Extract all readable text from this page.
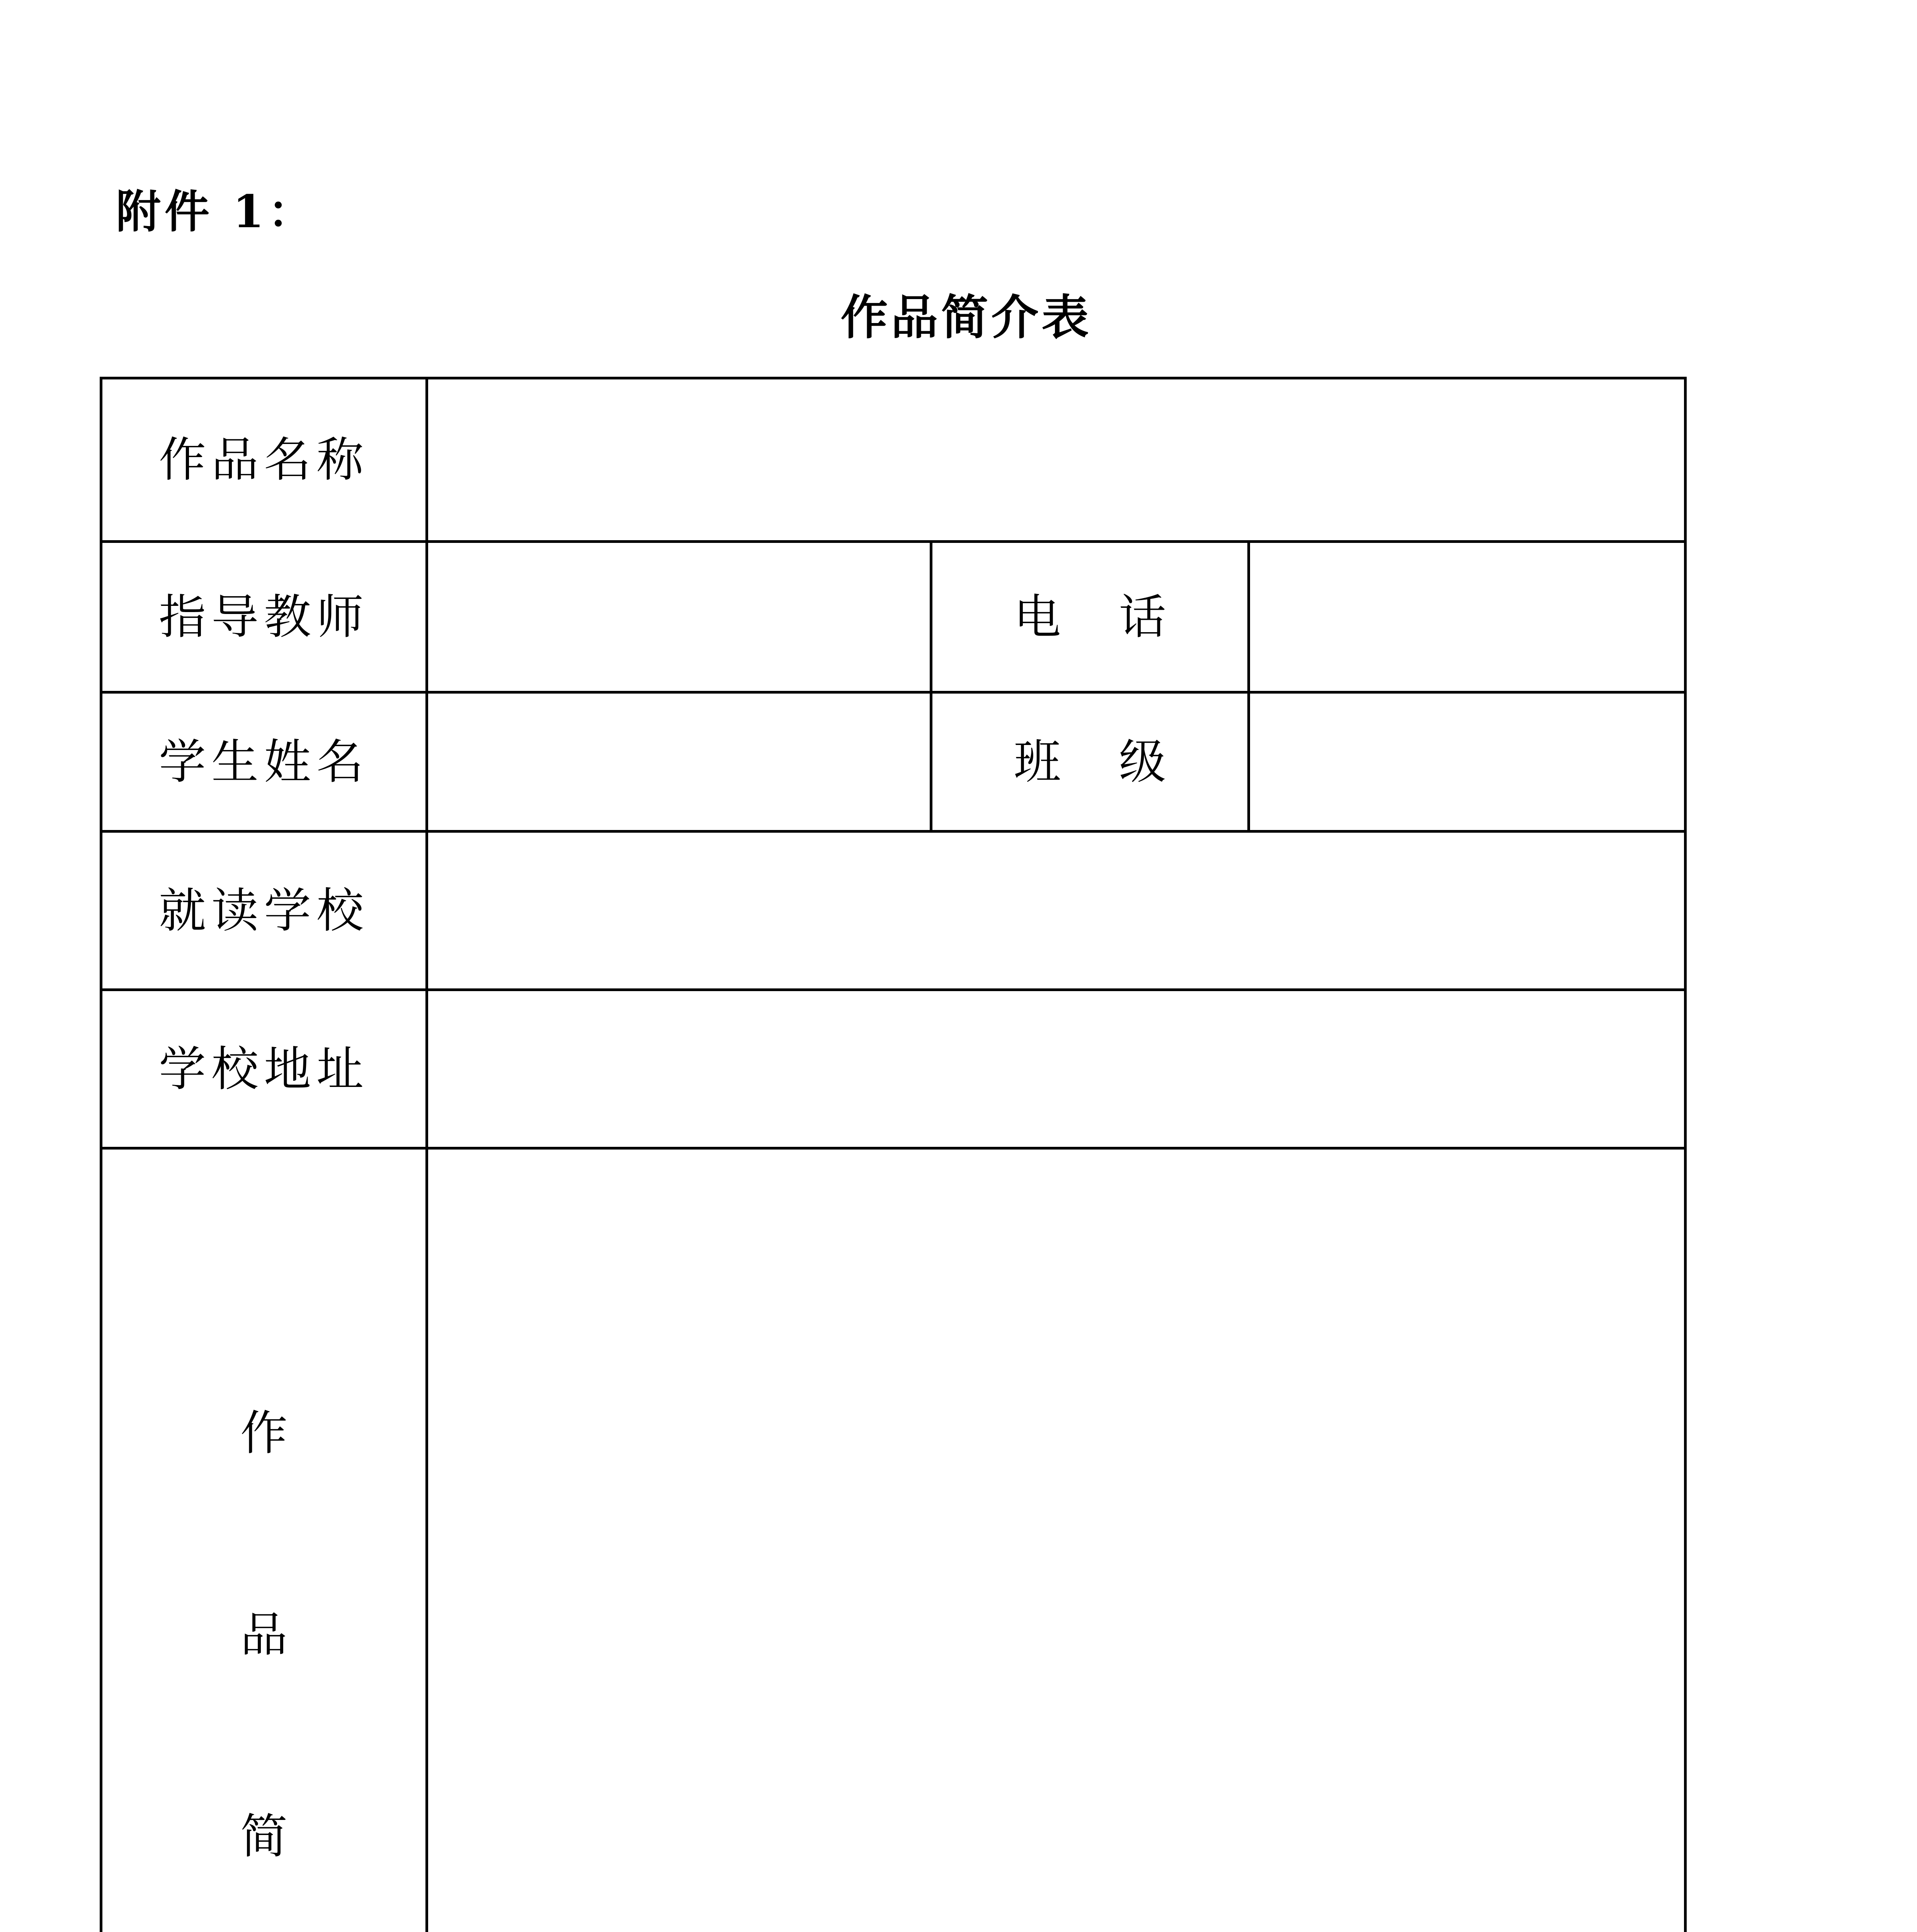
附件 1：
作品简介表
作品名称			
指导教师		电 话	
学生姓名		班 级	
就读学校			
学校地址			

作
品
简			
